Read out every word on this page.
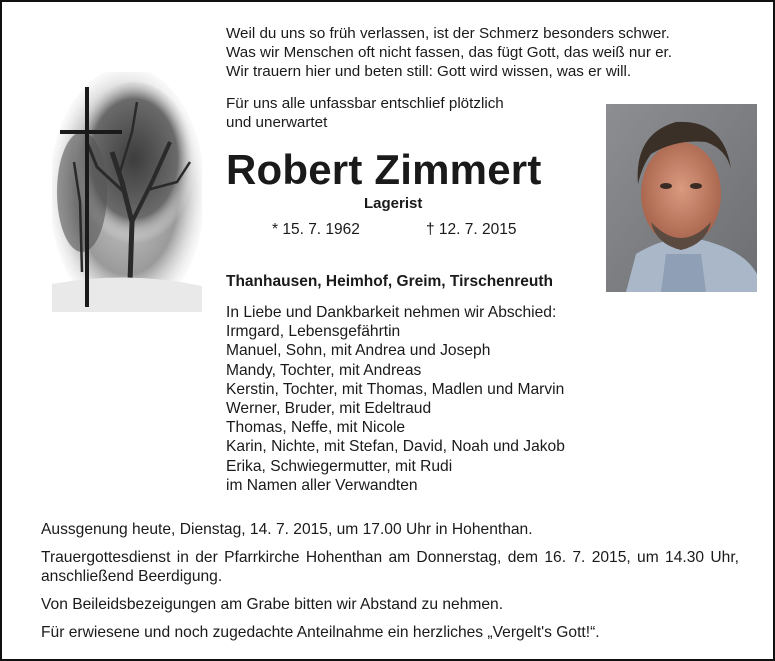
Weil du uns so früh verlassen, ist der Schmerz besonders schwer.
Was wir Menschen oft nicht fassen, das fügt Gott, das weiß nur er.
Wir trauern hier und beten still: Gott wird wissen, was er will.
Für uns alle unfassbar entschlief plötzlich
und unerwartet
Robert Zimmert
Lagerist
* 15. 7. 1962	† 12. 7. 2015
Thanhausen, Heimhof, Greim, Tirschenreuth
In Liebe und Dankbarkeit nehmen wir Abschied:
Irmgard, Lebensgefährtin
Manuel, Sohn, mit Andrea und Joseph
Mandy, Tochter, mit Andreas
Kerstin, Tochter, mit Thomas, Madlen und Marvin
Werner, Bruder, mit Edeltraud
Thomas, Neffe, mit Nicole
Karin, Nichte, mit Stefan, David, Noah und Jakob
Erika, Schwiegermutter, mit Rudi
im Namen aller Verwandten
Aussgenung heute, Dienstag, 14. 7. 2015, um 17.00 Uhr in Hohenthan.
Trauergottesdienst in der Pfarrkirche Hohenthan am Donnerstag, dem 16. 7. 2015, um 14.30 Uhr, anschließend Beerdigung.
Von Beileidsbezeigungen am Grabe bitten wir Abstand zu nehmen.
Für erwiesene und noch zugedachte Anteilnahme ein herzliches „Vergelt's Gott!“.
